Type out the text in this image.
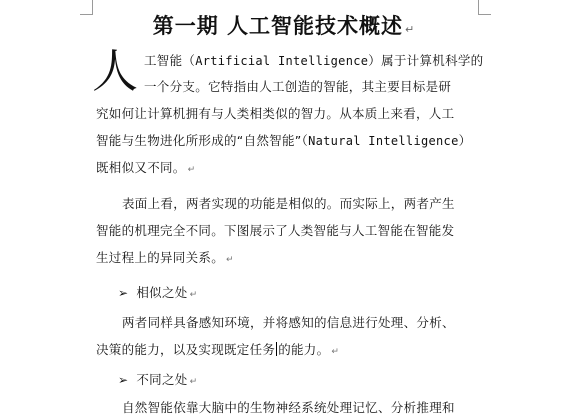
第一期 人工智能技术概述 ↵
人 工智能（Artificial Intelligence）属于计算机科学的
一个分支。它特指由人工创造的智能，其主要目标是研
究如何让计算机拥有与人类相类似的智力。从本质上来看，人工
智能与生物进化所形成的“自然智能”（Natural Intelligence）
既相似又不同。 ↵
表面上看，两者实现的功能是相似的。而实际上，两者产生
智能的机理完全不同。下图展示了人类智能与人工智能在智能发
生过程上的异同关系。 ↵
➢ 相似之处 ↵
两者同样具备感知环境，并将感知的信息进行处理、分析、
决策的能力，以及实现既定任务 的能力。 ↵
➢ 不同之处 ↵
自然智能依靠大脑中的生物神经系统处理记忆、分析推理和
